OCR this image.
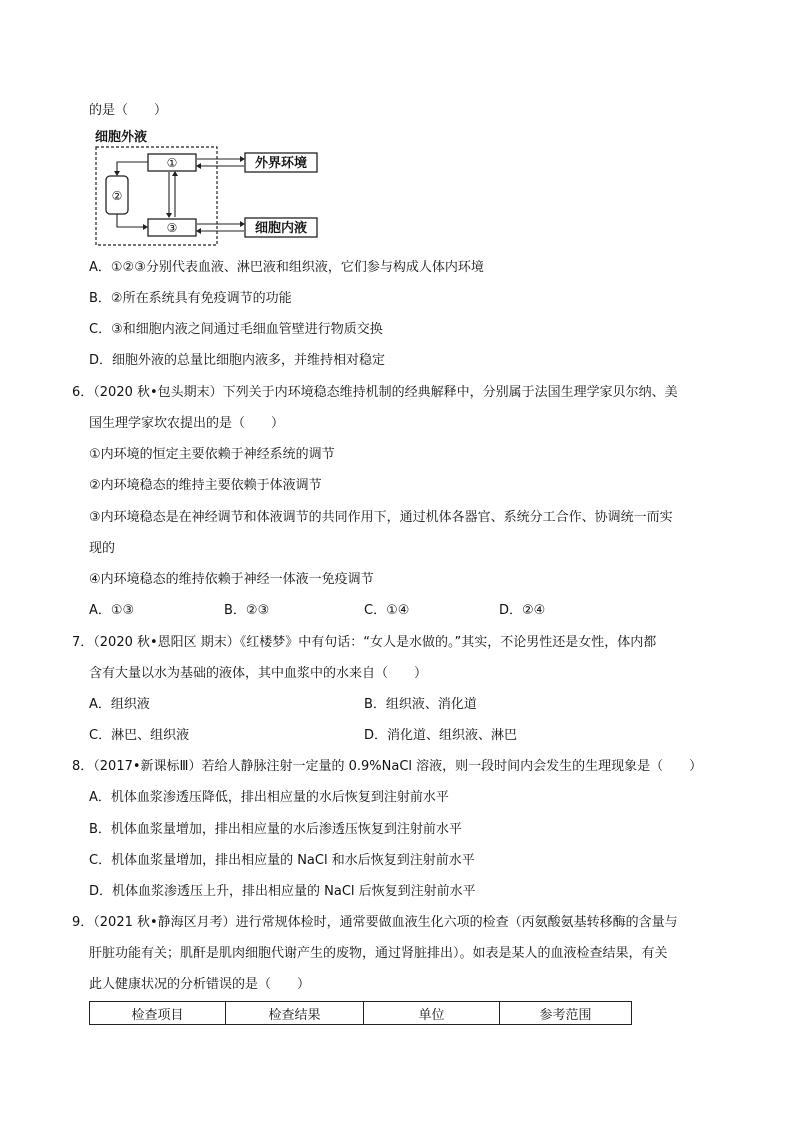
的是（　　）
细胞外液
①
③
②
外界环境
细胞内液
A．①②③分别代表血液、淋巴液和组织液，它们参与构成人体内环境
B．②所在系统具有免疫调节的功能
C．③和细胞内液之间通过毛细血管壁进行物质交换
D．细胞外液的总量比细胞内液多，并维持相对稳定
6．（2020 秋•包头期末）下列关于内环境稳态维持机制的经典解释中，分别属于法国生理学家贝尔纳、美
国生理学家坎农提出的是（　　）
①内环境的恒定主要依赖于神经系统的调节
②内环境稳态的维持主要依赖于体液调节
③内环境稳态是在神经调节和体液调节的共同作用下，通过机体各器官、系统分工合作、协调统一而实
现的
④内环境稳态的维持依赖于神经一体液一免疫调节
A．①③	B．②③	C．①④	D．②④
7．（2020 秋•恩阳区 期末）《红楼梦》中有句话：“女人是水做的。”其实，不论男性还是女性，体内都
含有大量以水为基础的液体，其中血浆中的水来自（　　）
A．组织液	B．组织液、消化道
C．淋巴、组织液	D．消化道、组织液、淋巴
8．（2017•新课标Ⅲ）若给人静脉注射一定量的 0.9%NaCl 溶液，则一段时间内会发生的生理现象是（　　）
A．机体血浆渗透压降低，排出相应量的水后恢复到注射前水平
B．机体血浆量增加，排出相应量的水后渗透压恢复到注射前水平
C．机体血浆量增加，排出相应量的 NaCl 和水后恢复到注射前水平
D．机体血浆渗透压上升，排出相应量的 NaCl 后恢复到注射前水平
9．（2021 秋•静海区月考）进行常规体检时，通常要做血液生化六项的检查（丙氨酸氨基转移酶的含量与
肝脏功能有关；肌酐是肌肉细胞代谢产生的废物，通过肾脏排出）。如表是某人的血液检查结果，有关
此人健康状况的分析错误的是（　　）
检查项目	检查结果	单位	参考范围
